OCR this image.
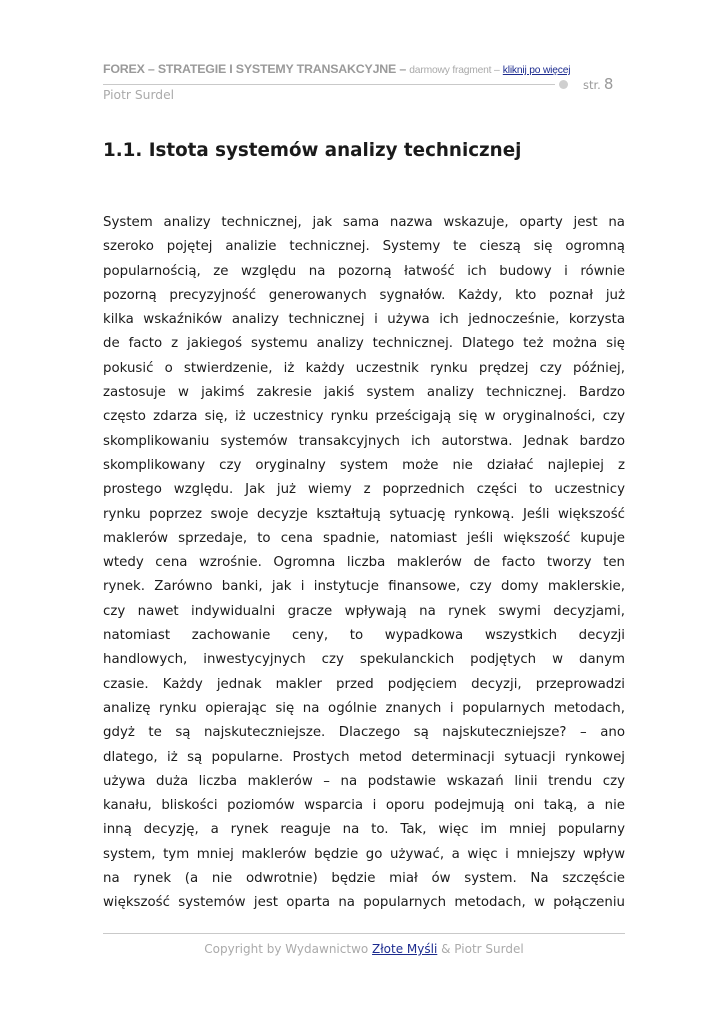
FOREX – STRATEGIE I SYSTEMY TRANSAKCYJNE – darmowy fragment – kliknij po więcej
str. 8
Piotr Surdel
1.1. Istota systemów analizy technicznej
System analizy technicznej, jak sama nazwa wskazuje, oparty jest na
szeroko pojętej analizie technicznej. Systemy te cieszą się ogromną
popularnością, ze względu na pozorną łatwość ich budowy i równie
pozorną precyzyjność generowanych sygnałów. Każdy, kto poznał już
kilka wskaźników analizy technicznej i używa ich jednocześnie, korzysta
de facto z jakiegoś systemu analizy technicznej. Dlatego też można się
pokusić o stwierdzenie, iż każdy uczestnik rynku prędzej czy później,
zastosuje w jakimś zakresie jakiś system analizy technicznej. Bardzo
często zdarza się, iż uczestnicy rynku prześcigają się w oryginalności, czy
skomplikowaniu systemów transakcyjnych ich autorstwa. Jednak bardzo
skomplikowany czy oryginalny system może nie działać najlepiej z
prostego względu. Jak już wiemy z poprzednich części to uczestnicy
rynku poprzez swoje decyzje kształtują sytuację rynkową. Jeśli większość
maklerów sprzedaje, to cena spadnie, natomiast jeśli większość kupuje
wtedy cena wzrośnie. Ogromna liczba maklerów de facto tworzy ten
rynek. Zarówno banki, jak i instytucje finansowe, czy domy maklerskie,
czy nawet indywidualni gracze wpływają na rynek swymi decyzjami,
natomiast zachowanie ceny, to wypadkowa wszystkich decyzji
handlowych, inwestycyjnych czy spekulanckich podjętych w danym
czasie. Każdy jednak makler przed podjęciem decyzji, przeprowadzi
analizę rynku opierając się na ogólnie znanych i popularnych metodach,
gdyż te są najskuteczniejsze. Dlaczego są najskuteczniejsze? – ano
dlatego, iż są popularne. Prostych metod determinacji sytuacji rynkowej
używa duża liczba maklerów – na podstawie wskazań linii trendu czy
kanału, bliskości poziomów wsparcia i oporu podejmują oni taką, a nie
inną decyzję, a rynek reaguje na to. Tak, więc im mniej popularny
system, tym mniej maklerów będzie go używać, a więc i mniejszy wpływ
na rynek (a nie odwrotnie) będzie miał ów system. Na szczęście
większość systemów jest oparta na popularnych metodach, w połączeniu
Copyright by Wydawnictwo Złote Myśli & Piotr Surdel
